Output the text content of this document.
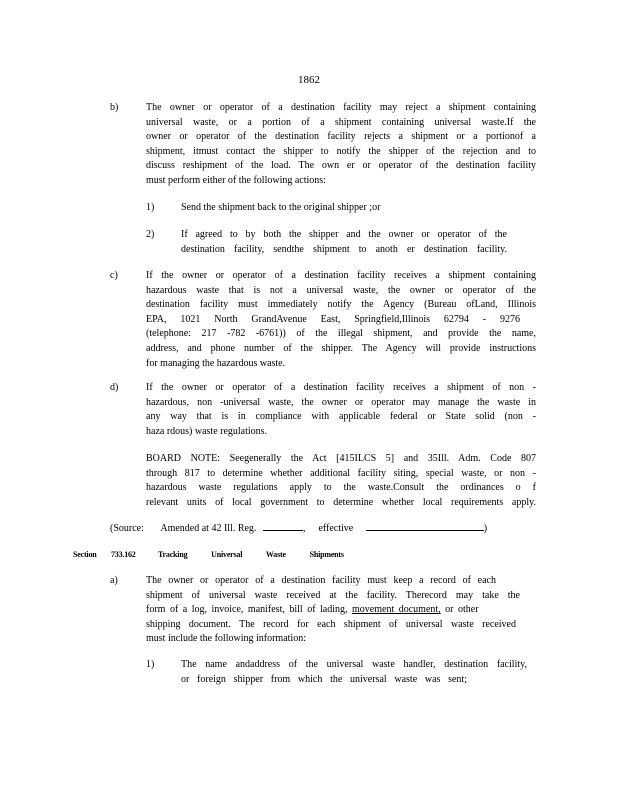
1862
b)	The owner or operator of a destination facility may reject a shipment containing
universal waste, or a portion of a shipment containing universal waste.If the
owner or operator of the destination facility rejects a shipment or a portionof a
shipment, itmust contact the shipper to notify the shipper of the rejection and to
discuss reshipment of the load. The own er or operator of the destination facility
must perform either of the following actions:
1)	Send the shipment back to the original shipper ;or
2)	If agreed to by both the shipper and the owner or operator of the
destination facility, sendthe shipment to anoth er destination facility.
c)	If the owner or operator of a destination facility receives a shipment containing
hazardous waste that is not a universal waste, the owner or operator of the
destination facility must immediately notify the Agency (Bureau ofLand, Illinois
EPA, 1021 North GrandAvenue East, Springfield,Illinois 62794 - 9276
(telephone: 217 -782 -6761)) of the illegal shipment, and provide the name,
address, and phone number of the shipper. The Agency will provide instructions
for managing the hazardous waste.
d)	If the owner or operator of a destination facility receives a shipment of non -
hazardous, non -universal waste, the owner or operator may manage the waste in
any way that is in compliance with applicable federal or State solid (non -
haza rdous) waste regulations.
BOARD NOTE: Seegenerally the Act [415ILCS 5] and 35Ill. Adm. Code 807
through 817 to determine whether additional facility siting, special waste, or non -
hazardous waste regulations apply to the waste.Consult the ordinances o f
relevant units of local government to determine whether local requirements apply.
(Source: Amended at 42 Ill. Reg.	, effective	)
Section 733.162	Tracking Universal Waste Shipments
a)	The owner or operator of a destination facility must keep a record of each
shipment of universal waste received at the facility. Therecord may take the
form of a log, invoice, manifest, bill of lading, movement document, or other
shipping document. The record for each shipment of universal waste received
must include the following information:
1)	The name andaddress of the universal waste handler, destination facility,
or foreign shipper from which the universal waste was sent;
